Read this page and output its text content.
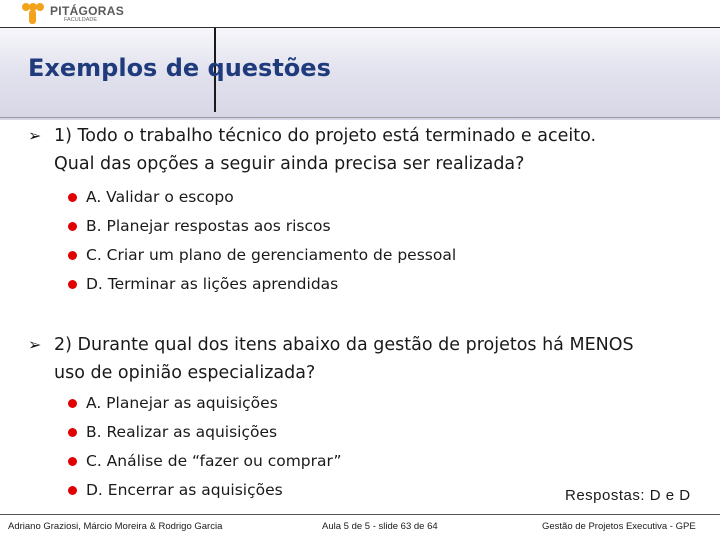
PITÁGORAS
FACULDADE
Exemplos de questões
➢ 1) Todo o trabalho técnico do projeto está terminado e aceito.
Qual das opções a seguir ainda precisa ser realizada?
A. Validar o escopo
B. Planejar respostas aos riscos
C. Criar um plano de gerenciamento de pessoal
D. Terminar as lições aprendidas
➢ 2) Durante qual dos itens abaixo da gestão de projetos há MENOS
uso de opinião especializada?
A. Planejar as aquisições
B. Realizar as aquisições
C. Análise de “fazer ou comprar”
D. Encerrar as aquisições	Respostas: D e D
Adriano Graziosi, Márcio Moreira & Rodrigo Garcia	Aula 5 de 5 - slide 63 de 64	Gestão de Projetos Executiva - GPE
